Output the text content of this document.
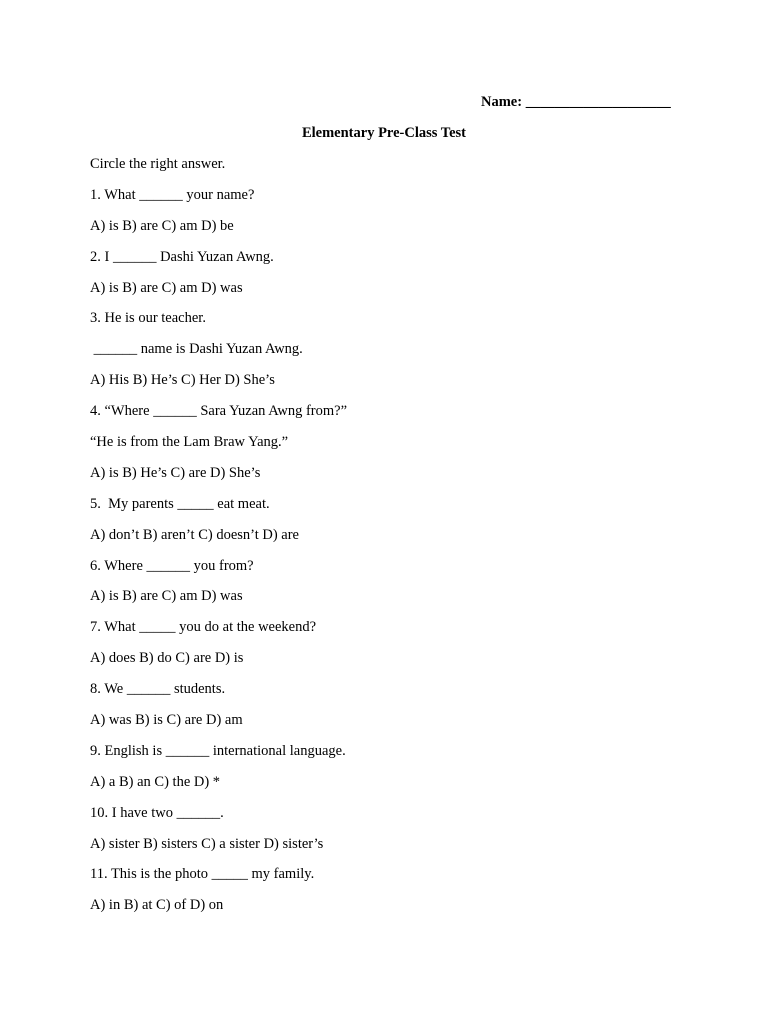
Name: ____________________
Elementary Pre-Class Test
Circle the right answer.
1. What ______ your name?
A) is B) are C) am D) be
2. I ______ Dashi Yuzan Awng.
A) is B) are C) am D) was
3. He is our teacher.
______ name is Dashi Yuzan Awng.
A) His B) He’s C) Her D) She’s
4. “Where ______ Sara Yuzan Awng from?”
“He is from the Lam Braw Yang.”
A) is B) He’s C) are D) She’s
5.  My parents _____ eat meat.
A) don’t B) aren’t C) doesn’t D) are
6. Where ______ you from?
A) is B) are C) am D) was
7. What _____ you do at the weekend?
A) does B) do C) are D) is
8. We ______ students.
A) was B) is C) are D) am
9. English is ______ international language.
A) a B) an C) the D) *
10. I have two ______.
A) sister B) sisters C) a sister D) sister’s
11. This is the photo _____ my family.
A) in B) at C) of D) on
